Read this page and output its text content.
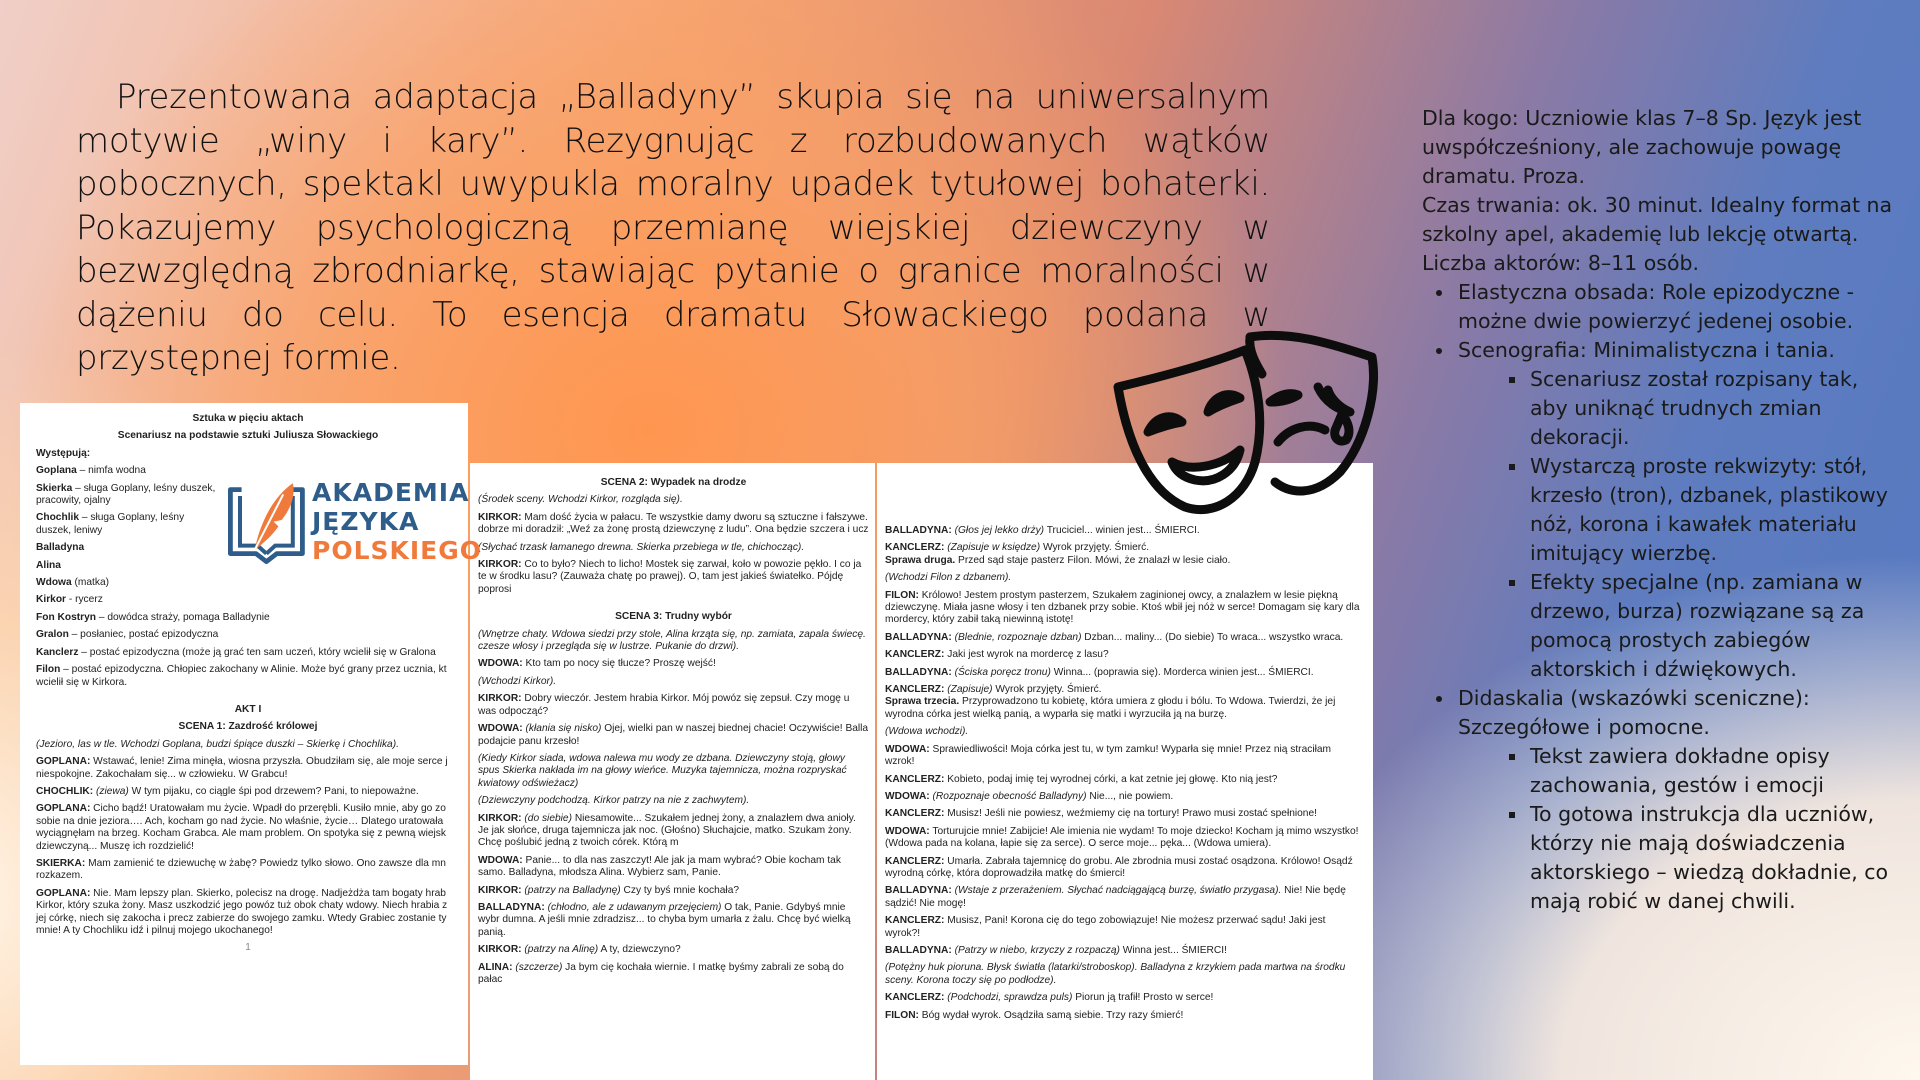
Prezentowana adaptacja „Balladyny” skupia się na uniwersalnym motywie „winy i kary”. Rezygnując z rozbudowanych wątków pobocznych, spektakl uwypukla moralny upadek tytułowej bohaterki. Pokazujemy psychologiczną przemianę wiejskiej dziewczyny w bezwzględną zbrodniarkę, stawiając pytanie o granice moralności w dążeniu do celu. To esencja dramatu Słowackiego podana w przystępnej formie.

Dla kogo: Uczniowie klas 7–8 Sp. Język jest uwspółcześniony, ale zachowuje powagę dramatu. Proza.

Czas trwania: ok. 30 minut. Idealny format na szkolny apel, akademię lub lekcję otwartą.

Liczba aktorów: 8–11 osób.

Elastyczna obsada: Role epizodyczne - możne dwie powierzyć jedenej osobie.
Scenografia: Minimalistyczna i tania.
Scenariusz został rozpisany tak, aby uniknąć trudnych zmian dekoracji.
Wystarczą proste rekwizyty: stół, krzesło (tron), dzbanek, plastikowy nóż, korona i kawałek materiału imitujący wierzbę.
Efekty specjalne (np. zamiana w drzewo, burza) rozwiązane są za pomocą prostych zabiegów aktorskich i dźwiękowych.
Didaskalia (wskazówki sceniczne): Szczegółowe i pomocne.
Tekst zawiera dokładne opisy zachowania, gestów i emocji
To gotowa instrukcja dla uczniów, którzy nie mają doświadczenia aktorskiego – wiedzą dokładnie, co mają robić w danej chwili.

Sztuka w pięciu aktach

Scenariusz na podstawie sztuki Juliusza Słowackiego

Występują:

Goplana – nimfa wodna

Skierka – sługa Goplany, leśny duszek, pracowity, ojalny

Chochlik – sługa Goplany, leśny duszek, leniwy

Balladyna

Alina

Wdowa (matka)

Kirkor - rycerz

Fon Kostryn – dowódca straży, pomaga Balladynie

Gralon – posłaniec, postać epizodyczna

Kanclerz – postać epizodyczna (może ją grać ten sam uczeń, który wcielił się w Gralona

Filon – postać epizodyczna. Chłopiec zakochany w Alinie. Może być grany przez ucznia, kt wcielił się w Kirkora.

AKT I

SCENA 1: Zazdrość królowej

(Jezioro, las w tle. Wchodzi Goplana, budzi śpiące duszki – Skierkę i Chochlika).

GOPLANA: Wstawać, lenie! Zima minęła, wiosna przyszła. Obudziłam się, ale moje serce j niespokojne. Zakochałam się... w człowieku. W Grabcu!

CHOCHLIK: (ziewa) W tym pijaku, co ciągle śpi pod drzewem? Pani, to niepoważne.

GOPLANA: Cicho bądź! Uratowałam mu życie. Wpadł do przerębli. Kusiło mnie, aby go zo sobie na dnie jeziora…. Ach, kocham go nad życie. No właśnie, życie… Dlatego uratowała wyciągnęłam na brzeg. Kocham Grabca. Ale mam problem. On spotyka się z pewną wiejsk dziewczyną... Muszę ich rozdzielić!

SKIERKA: Mam zamienić te dziewuchę w żabę? Powiedz tylko słowo. Ono zawsze dla mn rozkazem.

GOPLANA: Nie. Mam lepszy plan. Skierko, polecisz na drogę. Nadjeżdża tam bogaty hrab Kirkor, który szuka żony. Masz uszkodzić jego powóz tuż obok chaty wdowy. Niech hrabia z jej córkę, niech się zakocha i precz zabierze do swojego zamku. Wtedy Grabiec zostanie ty mnie! A ty Chochliku idź i pilnuj mojego ukochanego!

1

SCENA 2: Wypadek na drodze

(Środek sceny. Wchodzi Kirkor, rozgląda się).

KIRKOR: Mam dość życia w pałacu. Te wszystkie damy dworu są sztuczne i fałszywe. dobrze mi doradził: „Weź za żonę prostą dziewczynę z ludu”. Ona będzie szczera i ucz

(Słychać trzask łamanego drewna. Skierka przebiega w tle, chichocząc).

KIRKOR: Co to było? Niech to licho! Mostek się zarwał, koło w powozie pękło. I co ja te w środku lasu? (Zauważa chatę po prawej). O, tam jest jakieś światełko. Pójdę poprosi

SCENA 3: Trudny wybór

(Wnętrze chaty. Wdowa siedzi przy stole, Alina krząta się, np. zamiata, zapala świecę. czesze włosy i przegląda się w lustrze. Pukanie do drzwi).

WDOWA: Kto tam po nocy się tłucze? Proszę wejść!

(Wchodzi Kirkor).

KIRKOR: Dobry wieczór. Jestem hrabia Kirkor. Mój powóz się zepsuł. Czy mogę u was odpocząć?

WDOWA: (kłania się nisko) Ojej, wielki pan w naszej biednej chacie! Oczywiście! Balla podajcie panu krzesło!

(Kiedy Kirkor siada, wdowa nalewa mu wody ze dzbana. Dziewczyny stoją, głowy spus Skierka nakłada im na głowy wieńce. Muzyka tajemnicza, można rozpryskać kwiatowy odświeżacz)

(Dziewczyny podchodzą. Kirkor patrzy na nie z zachwytem).

KIRKOR: (do siebie) Niesamowite... Szukałem jednej żony, a znalazłem dwa anioły. Je jak słońce, druga tajemnicza jak noc. (Głośno) Słuchajcie, matko. Szukam żony. Chcę poślubić jedną z twoich córek. Którą m

WDOWA: Panie... to dla nas zaszczyt! Ale jak ja mam wybrać? Obie kocham tak samo. Balladyna, młodsza Alina. Wybierz sam, Panie.

KIRKOR: (patrzy na Balladynę) Czy ty byś mnie kochała?

BALLADYNA: (chłodno, ale z udawanym przejęciem) O tak, Panie. Gdybyś mnie wybr dumna. A jeśli mnie zdradzisz... to chyba bym umarła z żalu. Chcę być wielką panią.

KIRKOR: (patrzy na Alinę) A ty, dziewczyno?

ALINA: (szczerze) Ja bym cię kochała wiernie. I matkę byśmy zabrali ze sobą do pałac

BALLADYNA: (Głos jej lekko drży) Truciciel... winien jest... ŚMIERCI.

KANCLERZ: (Zapisuje w księdze) Wyrok przyjęty. Śmierć.
Sprawa druga. Przed sąd staje pasterz Filon. Mówi, że znalazł w lesie ciało.

(Wchodzi Filon z dzbanem).

FILON: Królowo! Jestem prostym pasterzem, Szukałem zaginionej owcy, a znalazłem w lesie piękną dziewczynę. Miała jasne włosy i ten dzbanek przy sobie. Ktoś wbił jej nóż w serce! Domagam się kary dla mordercy, który zabił taką niewinną istotę!

BALLADYNA: (Blednie, rozpoznaje dzban) Dzban... maliny... (Do siebie) To wraca... wszystko wraca.

KANCLERZ: Jaki jest wyrok na mordercę z lasu?

BALLADYNA: (Ściska poręcz tronu) Winna... (poprawia się). Morderca winien jest... ŚMIERCI.

KANCLERZ: (Zapisuje) Wyrok przyjęty. Śmierć.
Sprawa trzecia. Przyprowadzono tu kobietę, która umiera z głodu i bólu. To Wdowa. Twierdzi, że jej wyrodna córka jest wielką panią, a wyparła się matki i wyrzuciła ją na burzę.

(Wdowa wchodzi).

WDOWA: Sprawiedliwości! Moja córka jest tu, w tym zamku! Wyparła się mnie! Przez nią straciłam wzrok!

KANCLERZ: Kobieto, podaj imię tej wyrodnej córki, a kat zetnie jej głowę. Kto nią jest?

WDOWA: (Rozpoznaje obecność Balladyny) Nie..., nie powiem.

KANCLERZ: Musisz! Jeśli nie powiesz, weźmiemy cię na tortury! Prawo musi zostać spełnione!

WDOWA: Torturujcie mnie! Zabijcie! Ale imienia nie wydam! To moje dziecko! Kocham ją mimo wszystko! (Wdowa pada na kolana, łapie się za serce). O serce moje... pęka... (Wdowa umiera).

KANCLERZ: Umarła. Zabrała tajemnicę do grobu. Ale zbrodnia musi zostać osądzona. Królowo! Osądź wyrodną córkę, która doprowadziła matkę do śmierci!

BALLADYNA: (Wstaje z przerażeniem. Słychać nadciągającą burzę, światło przygasa). Nie! Nie będę sądzić! Nie mogę!

KANCLERZ: Musisz, Pani! Korona cię do tego zobowiązuje! Nie możesz przerwać sądu! Jaki jest wyrok?!

BALLADYNA: (Patrzy w niebo, krzyczy z rozpaczą) Winna jest... ŚMIERCI!

(Potężny huk pioruna. Błysk światła (latarki/stroboskop). Balladyna z krzykiem pada martwa na środku sceny. Korona toczy się po podłodze).

KANCLERZ: (Podchodzi, sprawdza puls) Piorun ją trafił! Prosto w serce!

FILON: Bóg wydał wyrok. Osądziła samą siebie. Trzy razy śmierć!

AKADEMIA
JĘZYKA
POLSKIEGO
